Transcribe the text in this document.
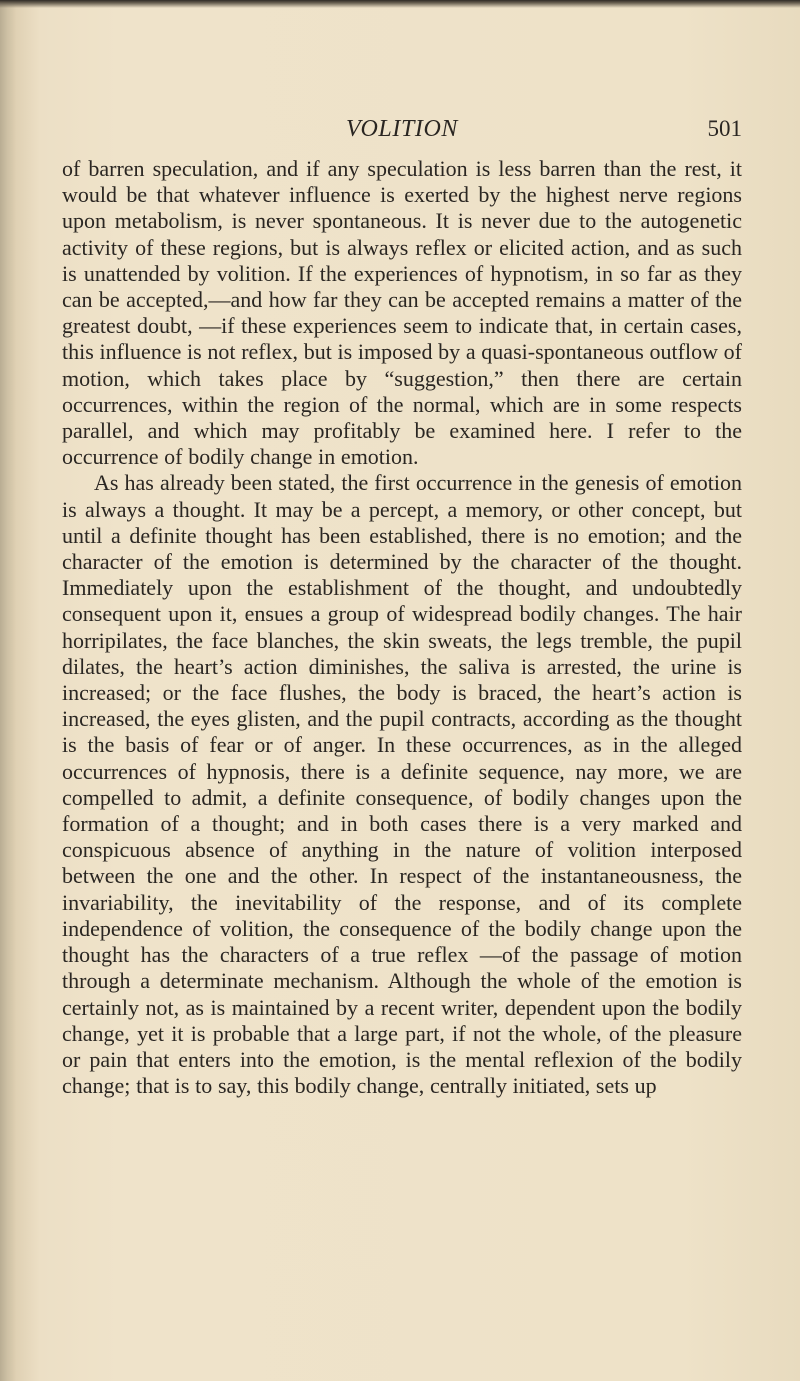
VOLITION	501

of barren speculation, and if any speculation is less barren than the rest, it would be that whatever influence is exerted by the highest nerve regions upon metabolism, is never spontaneous. It is never due to the autogenetic activity of these regions, but is always reflex or elicited action, and as such is unattended by volition. If the experiences of hypnotism, in so far as they can be accepted,—and how far they can be accepted remains a matter of the greatest doubt, —if these experiences seem to indicate that, in certain cases, this influence is not reflex, but is imposed by a quasi-spontaneous outflow of motion, which takes place by “suggestion,” then there are certain occurrences, within the region of the normal, which are in some respects parallel, and which may profitably be examined here. I refer to the occurrence of bodily change in emotion.

As has already been stated, the first occurrence in the genesis of emotion is always a thought. It may be a percept, a memory, or other concept, but until a definite thought has been established, there is no emotion; and the character of the emotion is determined by the character of the thought. Immediately upon the establishment of the thought, and undoubtedly consequent upon it, ensues a group of widespread bodily changes. The hair horripilates, the face blanches, the skin sweats, the legs tremble, the pupil dilates, the heart’s action diminishes, the saliva is arrested, the urine is increased; or the face flushes, the body is braced, the heart’s action is increased, the eyes glisten, and the pupil contracts, according as the thought is the basis of fear or of anger. In these occurrences, as in the alleged occurrences of hypnosis, there is a definite sequence, nay more, we are compelled to admit, a definite consequence, of bodily changes upon the formation of a thought; and in both cases there is a very marked and conspicuous absence of anything in the nature of volition interposed between the one and the other. In respect of the instantaneousness, the invariability, the inevitability of the response, and of its complete independence of volition, the consequence of the bodily change upon the thought has the characters of a true reflex —of the passage of motion through a determinate mechanism. Although the whole of the emotion is certainly not, as is maintained by a recent writer, dependent upon the bodily change, yet it is probable that a large part, if not the whole, of the pleasure or pain that enters into the emotion, is the mental reflexion of the bodily change; that is to say, this bodily change, centrally initiated, sets up
